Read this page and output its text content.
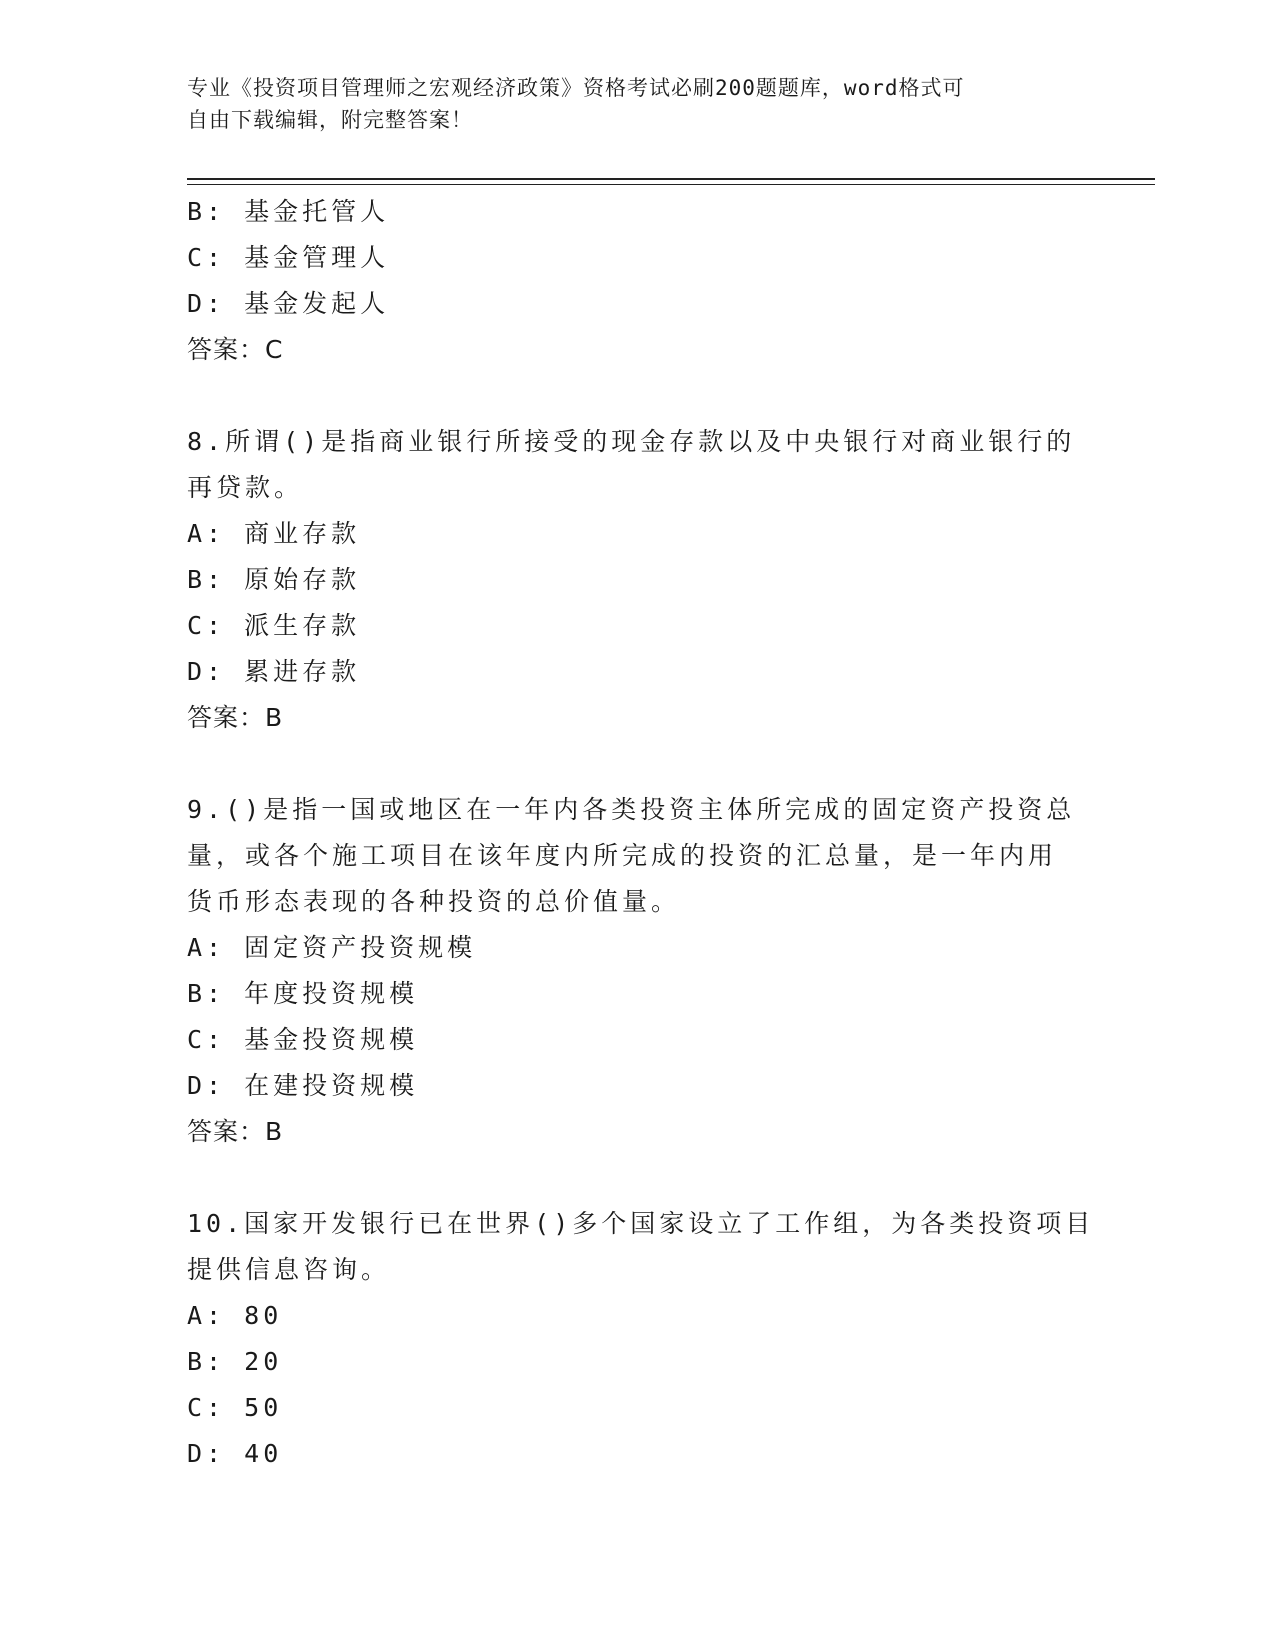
专业《投资项目管理师之宏观经济政策》资格考试必刷200题题库，word格式可
自由下载编辑，附完整答案！
B: 基金托管人
C: 基金管理人
D: 基金发起人
答案：C
8.所谓()是指商业银行所接受的现金存款以及中央银行对商业银行的
再贷款。
A: 商业存款
B: 原始存款
C: 派生存款
D: 累进存款
答案：B
9.()是指一国或地区在一年内各类投资主体所完成的固定资产投资总
量，或各个施工项目在该年度内所完成的投资的汇总量，是一年内用
货币形态表现的各种投资的总价值量。
A: 固定资产投资规模
B: 年度投资规模
C: 基金投资规模
D: 在建投资规模
答案：B
10.国家开发银行已在世界()多个国家设立了工作组，为各类投资项目
提供信息咨询。
A: 80
B: 20
C: 50
D: 40
